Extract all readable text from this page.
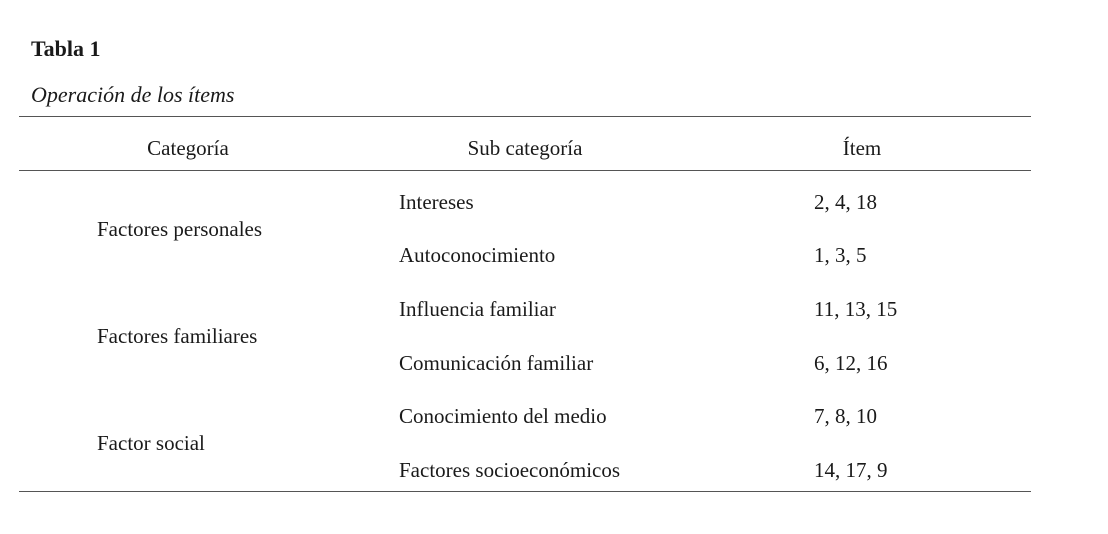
Tabla 1
Operación de los ítems
Categoría	Sub categoría	Ítem
Factores personales
Intereses	2, 4, 18
Autoconocimiento	1, 3, 5
Factores familiares
Influencia familiar	11, 13, 15
Comunicación familiar	6, 12, 16
Factor social
Conocimiento del medio	7, 8, 10
Factores socioeconómicos	14, 17, 9
